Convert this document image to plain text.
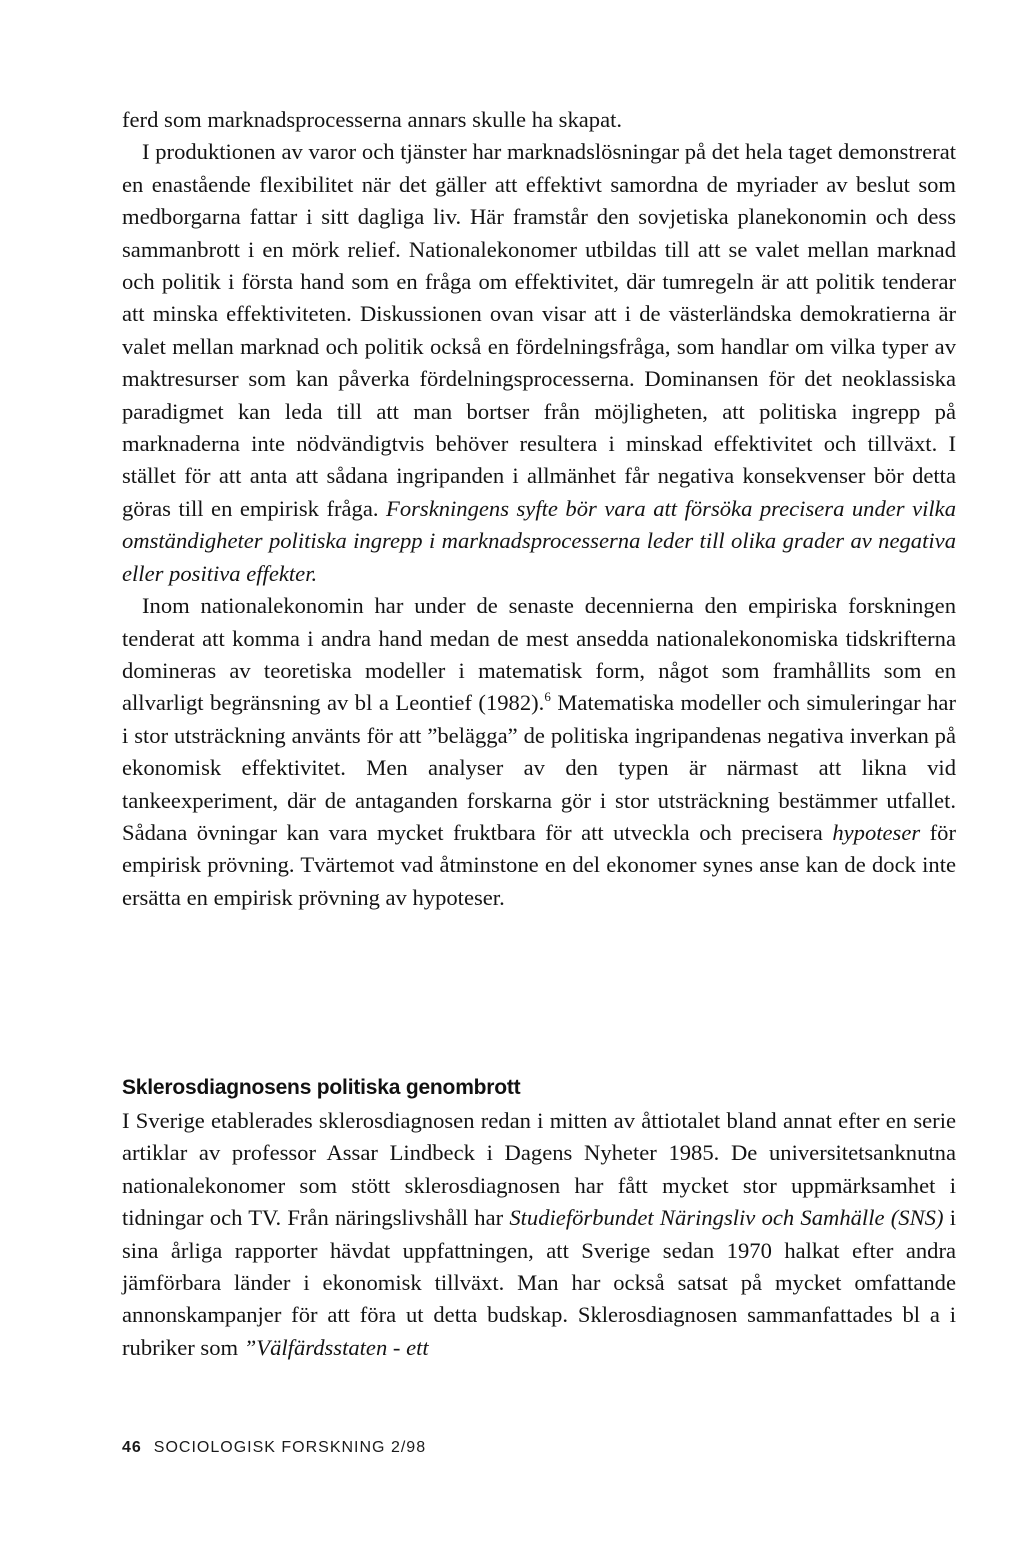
ferd som marknadsprocesserna annars skulle ha skapat.

I produktionen av varor och tjänster har marknadslösningar på det hela taget demonstrerat en enastående flexibilitet när det gäller att effektivt samordna de myriader av beslut som medborgarna fattar i sitt dagliga liv. Här framstår den sovjetiska planekonomin och dess sammanbrott i en mörk relief. Nationalekonomer utbildas till att se valet mellan marknad och politik i första hand som en fråga om effektivitet, där tumregeln är att politik tenderar att minska effektiviteten. Diskussionen ovan visar att i de västerländska demokratierna är valet mellan marknad och politik också en fördelningsfråga, som handlar om vilka typer av maktresurser som kan påverka fördelningsprocesserna. Dominansen för det neoklassiska paradigmet kan leda till att man bortser från möjligheten, att politiska ingrepp på marknaderna inte nödvändigtvis behöver resultera i minskad effektivitet och tillväxt. I stället för att anta att sådana ingripanden i allmänhet får negativa konsekvenser bör detta göras till en empirisk fråga. Forskningens syfte bör vara att försöka precisera under vilka omständigheter politiska ingrepp i marknadsprocesserna leder till olika grader av negativa eller positiva effekter.

Inom nationalekonomin har under de senaste decennierna den empiriska forskningen tenderat att komma i andra hand medan de mest ansedda nationalekonomiska tidskrifterna domineras av teoretiska modeller i matematisk form, något som framhållits som en allvarligt begränsning av bl a Leontief (1982).$^6$ Matematiska modeller och simuleringar har i stor utsträckning använts för att ”belägga” de politiska ingripandenas negativa inverkan på ekonomisk effektivitet. Men analyser av den typen är närmast att likna vid tankeexperiment, där de antaganden forskarna gör i stor utsträckning bestämmer utfallet. Sådana övningar kan vara mycket fruktbara för att utveckla och precisera hypoteser för empirisk prövning. Tvärtemot vad åtminstone en del ekonomer synes anse kan de dock inte ersätta en empirisk prövning av hypoteser.

Sklerosdiagnosens politiska genombrott

I Sverige etablerades sklerosdiagnosen redan i mitten av åttiotalet bland annat efter en serie artiklar av professor Assar Lindbeck i Dagens Nyheter 1985. De universitetsanknutna nationalekonomer som stött sklerosdiagnosen har fått mycket stor uppmärksamhet i tidningar och TV. Från näringslivshåll har Studieförbundet Näringsliv och Samhälle (SNS) i sina årliga rapporter hävdat uppfattningen, att Sverige sedan 1970 halkat efter andra jämförbara länder i ekonomisk tillväxt. Man har också satsat på mycket omfattande annonskampanjer för att föra ut detta budskap. Sklerosdiagnosen sammanfattades bl a i rubriker som ”Välfärdsstaten - ett

46 SOCIOLOGISK FORSKNING 2/98
